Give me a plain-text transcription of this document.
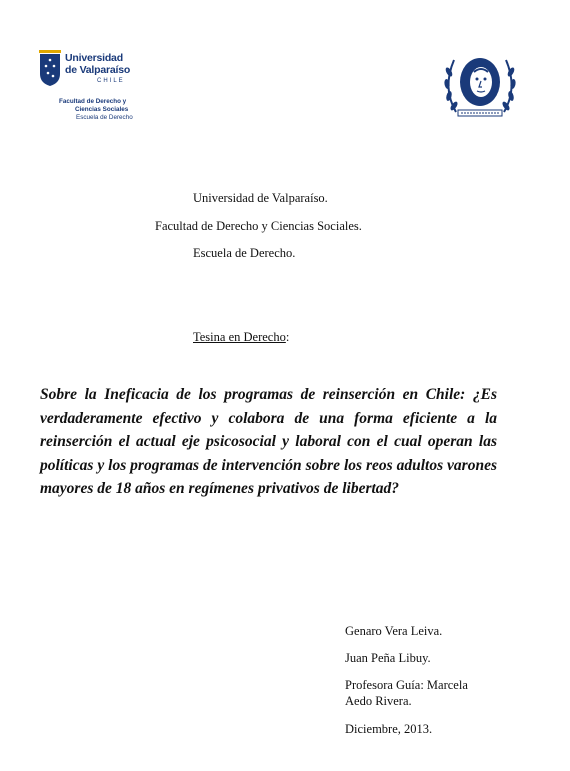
Universidad
de Valparaíso
CHILE
Facultad de Derecho y
Ciencias Sociales
Escuela de Derecho
Universidad de Valparaíso.
Facultad de Derecho y Ciencias Sociales.
Escuela de Derecho.
Tesina en Derecho:
Sobre la Ineficacia de los programas de reinserción en Chile: ¿Es verdaderamente efectivo y colabora de una forma eficiente a la reinserción el actual eje psicosocial y laboral con el cual operan las políticas y los programas de intervención sobre los reos adultos varones mayores de 18 años en regímenes privativos de libertad?
Genaro Vera Leiva.
Juan Peña Libuy.
Profesora Guía: Marcela
Aedo Rivera.
Diciembre, 2013.
